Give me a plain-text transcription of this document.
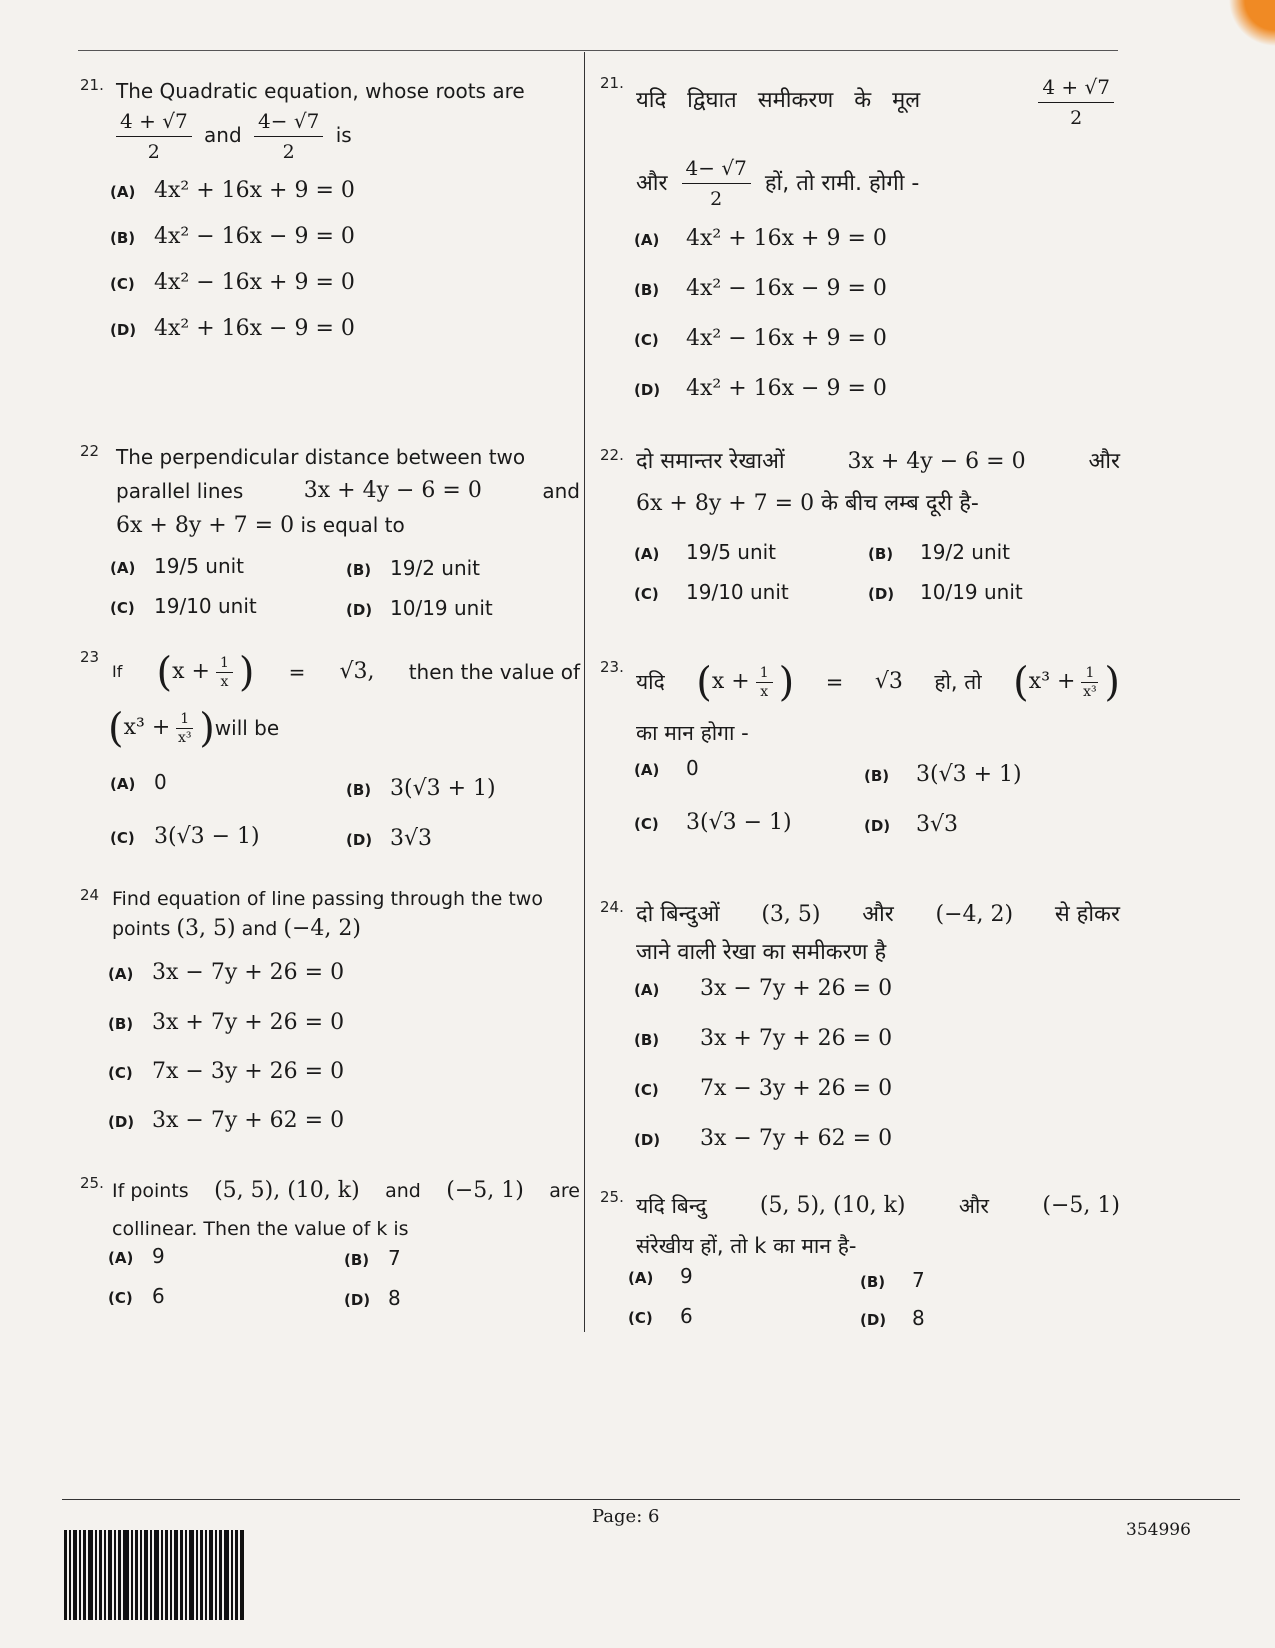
21. The Quadratic equation, whose roots are
$\frac{4 + √7}{2}$ and $\frac{4- √7}{2}$ is
(A) 4x² + 16x + 9 = 0
(B) 4x² − 16x − 9 = 0
(C) 4x² − 16x + 9 = 0
(D) 4x² + 16x − 9 = 0
22 The perpendicular distance between two
parallel lines	3x + 4y − 6 = 0	and
6x + 8y + 7 = 0 is equal to
(A) 19/5 unit	(B) 19/2 unit
(C) 19/10 unit	(D) 10/19 unit
23
If ($x + \frac{1}{x}$ ) = √3, then the value of
($x^3 + \frac{1}{\text{x³}}$ ) will be
(A) 0	(B) 3(√3 + 1)
(C) 3(√3 − 1)	(D) 3√3
24 Find equation of line passing through the two
points (3, 5) and (−4, 2)
(A) 3x − 7y + 26 = 0
(B) 3x + 7y + 26 = 0
(C) 7x − 3y + 26 = 0
(D) 3x − 7y + 62 = 0
25. If points (5, 5), (10, k) and (−5, 1) are
collinear. Then the value of k is
(A) 9	(B) 7
(C) 6	(D) 8
21.
यदि द्विघात समीकरण के मूल	$\frac{4 + √7}{2}$
और $\frac{4- √7}{2}$ हों, तो रामी. होगी -
(A) 4x² + 16x + 9 = 0
(B) 4x² − 16x − 9 = 0
(C) 4x² − 16x + 9 = 0
(D) 4x² + 16x − 9 = 0
22. दो समान्तर रेखाओं	3x + 4y − 6 = 0	और
6x + 8y + 7 = 0 के बीच लम्ब दूरी है-
(A) 19/5 unit	(B) 19/2 unit
(C) 19/10 unit	(D) 10/19 unit
23.
यदि ($x + \frac{1}{x}$ ) = √3 हो, तो ($x^3 + \frac{1}{\text{x³}}$ )
का मान होगा -
(A) 0	(B) 3(√3 + 1)
(C) 3(√3 − 1)	(D) 3√3
24. दो बिन्दुओं (3, 5) और (−4, 2) से होकर
जाने वाली रेखा का समीकरण है
(A) 3x − 7y + 26 = 0
(B) 3x + 7y + 26 = 0
(C) 7x − 3y + 26 = 0
(D) 3x − 7y + 62 = 0
25. यदि बिन्दु (5, 5), (10, k)	और (−5, 1)
संरेखीय हों, तो k का मान है-
(A) 9	(B) 7
(C) 6	(D) 8
Page: 6
354996
